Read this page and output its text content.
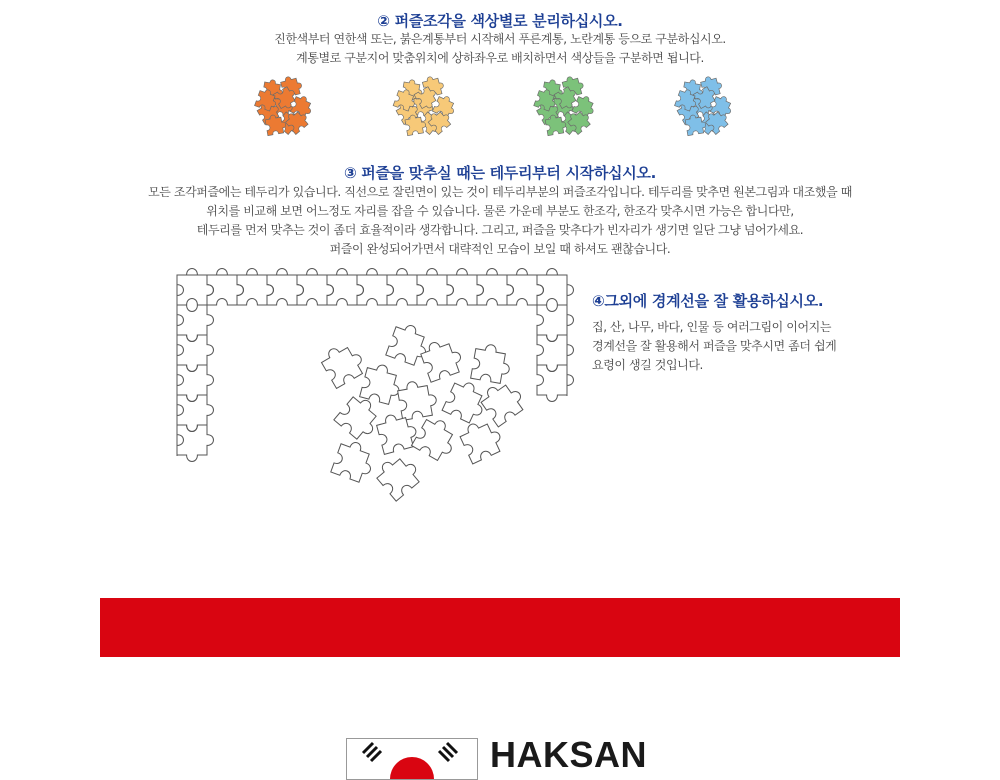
② 퍼즐조각을 색상별로 분리하십시오.
진한색부터 연한색 또는, 붉은계통부터 시작해서 푸른계통, 노란계통 등으로 구분하십시오.
계통별로 구분지어 맞춤위치에 상하좌우로 배치하면서 색상들을 구분하면 됩니다.
③ 퍼즐을 맞추실 때는 테두리부터 시작하십시오.
모든 조각퍼즐에는 테두리가 있습니다. 직선으로 잘린면이 있는 것이 테두리부분의 퍼즐조각입니다. 테두리를 맞추면 원본그림과 대조했을 때
위치를 비교해 보면 어느정도 자리를 잡을 수 있습니다. 물론 가운데 부분도 한조각, 한조각 맞추시면 가능은 합니다만,
테두리를 먼저 맞추는 것이 좀더 효율적이라 생각합니다. 그리고, 퍼즐을 맞추다가 빈자리가 생기면 일단 그냥 넘어가세요.
퍼즐이 완성되어가면서 대략적인 모습이 보일 때 하셔도 괜찮습니다.
④그외에 경계선을 잘 활용하십시오.
집, 산, 나무, 바다, 인물 등 여러그림이 이어지는
경계선을 잘 활용해서 퍼즐을 맞추시면 좀더 쉽게
요령이 생길 것입니다.
HAKSAN
